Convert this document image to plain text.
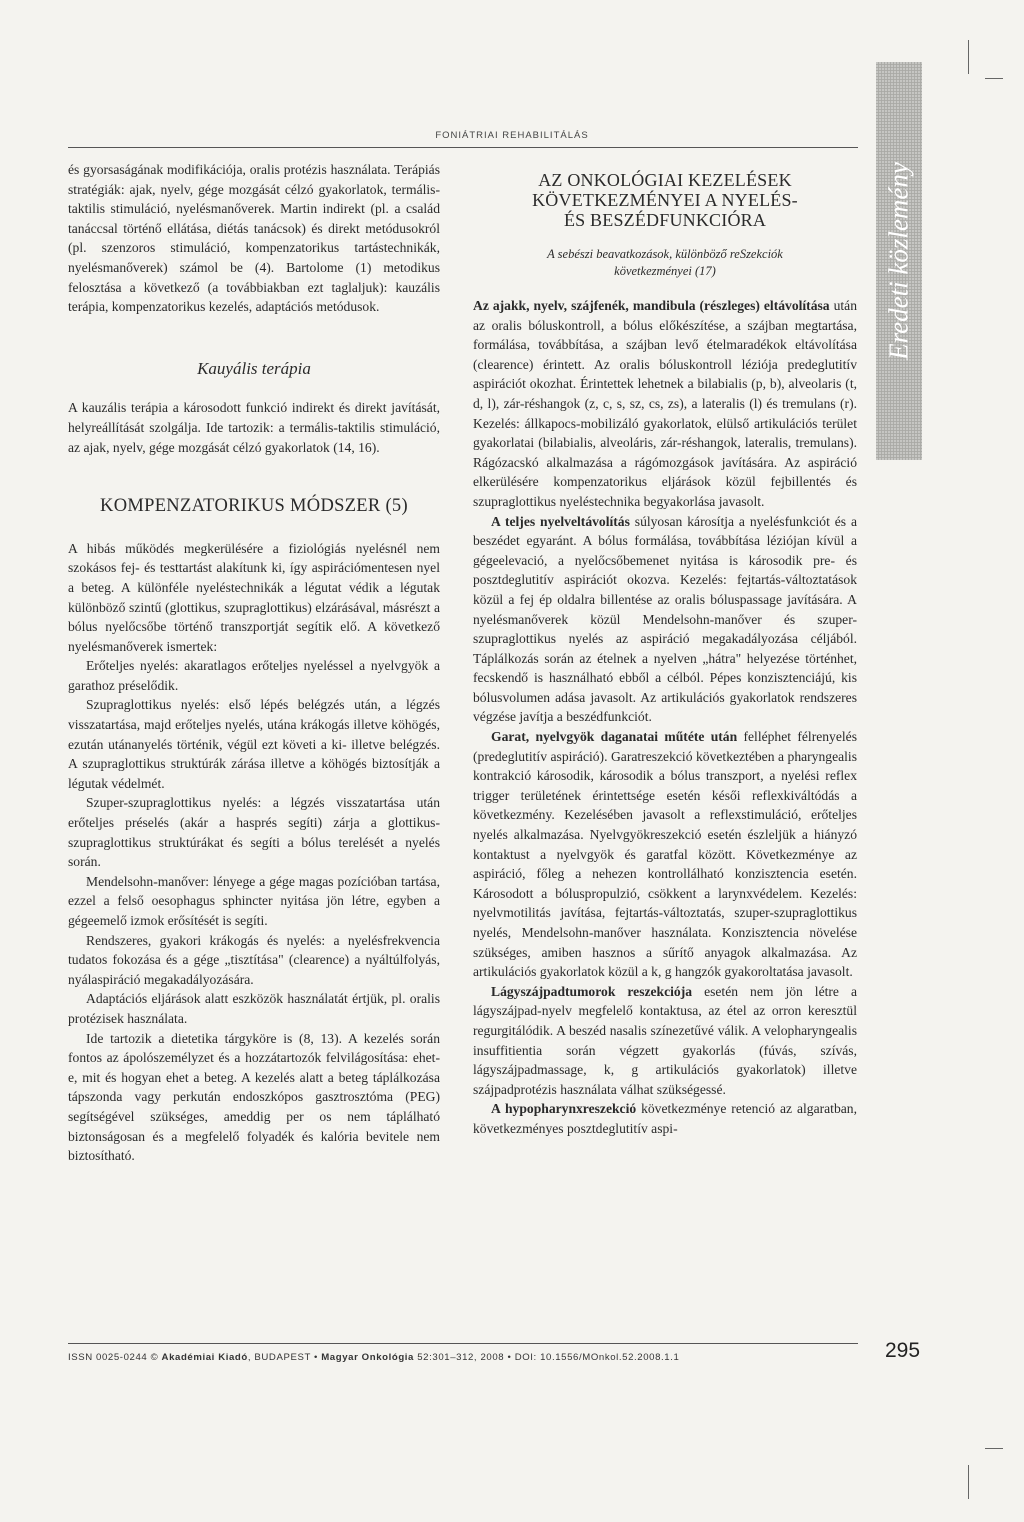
FONIÁTRIAI REHABILITÁLÁS
Eredeti közlemény

és gyorsaságának modifikációja, oralis protézis használata. Terápiás stratégiák: ajak, nyelv, gége mozgását célzó gyakorlatok, termális-taktilis stimuláció, nyelésmanőverek. Martin indirekt (pl. a család tanáccsal történő ellátása, diétás tanácsok) és direkt metódusokról (pl. szenzoros stimuláció, kompenzatorikus tartástechnikák, nyelésmanőverek) számol be (4). Bartolome (1) metodikus felosztása a következő (a továbbiakban ezt taglaljuk): kauzális terápia, kompenzatorikus kezelés, adaptációs metódusok.

Kauyális terápia

A kauzális terápia a károsodott funkció indirekt és direkt javítását, helyreállítását szolgálja. Ide tartozik: a termális-taktilis stimuláció, az ajak, nyelv, gége mozgását célzó gyakorlatok (14, 16).

KOMPENZATORIKUS MÓDSZER (5)

A hibás működés megkerülésére a fiziológiás nyelésnél nem szokásos fej- és testtartást alakítunk ki, így aspirációmentesen nyel a beteg. A különféle nyeléstechnikák a légutat védik a légutak különböző szintű (glottikus, szupraglottikus) elzárásával, másrészt a bólus nyelőcsőbe történő transzportját segítik elő. A következő nyelésmanőverek ismertek:

Erőteljes nyelés: akaratlagos erőteljes nyeléssel a nyelvgyök a garathoz préselődik.

Szupraglottikus nyelés: első lépés belégzés után, a légzés visszatartása, majd erőteljes nyelés, utána krákogás illetve köhögés, ezután utánanyelés történik, végül ezt követi a ki- illetve belégzés. A szupraglottikus struktúrák zárása illetve a köhögés biztosítják a légutak védelmét.

Szuper-szupraglottikus nyelés: a légzés visszatartása után erőteljes préselés (akár a hasprés segíti) zárja a glottikus-szupraglottikus struktúrákat és segíti a bólus terelését a nyelés során.

Mendelsohn-manőver: lényege a gége magas pozícióban tartása, ezzel a felső oesophagus sphincter nyitása jön létre, egyben a gégeemelő izmok erősítését is segíti.

Rendszeres, gyakori krákogás és nyelés: a nyelésfrekvencia tudatos fokozása és a gége „tisztítása" (clearence) a nyáltúlfolyás, nyálaspiráció megakadályozására.

Adaptációs eljárások alatt eszközök használatát értjük, pl. oralis protézisek használata.

Ide tartozik a dietetika tárgyköre is (8, 13). A kezelés során fontos az ápolószemélyzet és a hozzátartozók felvilágosítása: ehet-e, mit és hogyan ehet a beteg. A kezelés alatt a beteg táplálkozása tápszonda vagy perkután endoszkópos gasztrosztóma (PEG) segítségével szükséges, ameddig per os nem táplálható biztonságosan és a megfelelő folyadék és kalória bevitele nem biztosítható.

AZ ONKOLÓGIAI KEZELÉSEK
KÖVETKEZMÉNYEI A NYELÉS-
ÉS BESZÉDFUNKCIÓRA
A sebészi beavatkozások, különböző reSzekciók
következményei (17)

Az ajakk, nyelv, szájfenék, mandibula (részleges) eltávolítása után az oralis bóluskontroll, a bólus előkészítése, a szájban megtartása, formálása, továbbítása, a szájban levő ételmaradékok eltávolítása (clearence) érintett. Az oralis bóluskontroll léziója predeglutitív aspirációt okozhat. Érintettek lehetnek a bilabialis (p, b), alveolaris (t, d, l), zár-réshangok (z, c, s, sz, cs, zs), a lateralis (l) és tremulans (r). Kezelés: állkapocs-mobilizáló gyakorlatok, elülső artikulációs terület gyakorlatai (bilabialis, alveoláris, zár-réshangok, lateralis, tremulans). Rágózacskó alkalmazása a rágómozgások javítására. Az aspiráció elkerülésére kompenzatorikus eljárások közül fejbillentés és szupraglottikus nyeléstechnika begyakorlása javasolt.

A teljes nyelveltávolítás súlyosan károsítja a nyelésfunkciót és a beszédet egyaránt. A bólus formálása, továbbítása léziójan kívül a gégeelevació, a nyelőcsőbemenet nyitása is károsodik pre- és posztdeglutitív aspirációt okozva. Kezelés: fejtartás-változtatások közül a fej ép oldalra billentése az oralis bóluspassage javítására. A nyelésmanőverek közül Mendelsohn-manőver és szuper-szupraglottikus nyelés az aspiráció megakadályozása céljából. Táplálkozás során az ételnek a nyelven „hátra" helyezése történhet, fecskendő is használható ebből a célból. Pépes konzisztenciájú, kis bólusvolumen adása javasolt. Az artikulációs gyakorlatok rendszeres végzése javítja a beszédfunkciót.

Garat, nyelvgyök daganatai műtéte után felléphet félrenyelés (predeglutitív aspiráció). Garatreszekció következtében a pharyngealis kontrakció károsodik, károsodik a bólus transzport, a nyelési reflex trigger területének érintettsége esetén késői reflexkiváltódás a következmény. Kezelésében javasolt a reflexstimuláció, erőteljes nyelés alkalmazása. Nyelvgyökreszekció esetén észleljük a hiányzó kontaktust a nyelvgyök és garatfal között. Következménye az aspiráció, főleg a nehezen kontrollálható konzisztencia esetén. Károsodott a bóluspropulzió, csökkent a larynxvédelem. Kezelés: nyelvmotilitás javítása, fejtartás-változtatás, szuper-szupraglottikus nyelés, Mendelsohn-manőver használata. Konzisztencia növelése szükséges, amiben hasznos a sűrítő anyagok alkalmazása. Az artikulációs gyakorlatok közül a k, g hangzók gyakoroltatása javasolt.

Lágyszájpadtumorok reszekciója esetén nem jön létre a lágyszájpad-nyelv megfelelő kontaktusa, az étel az orron keresztül regurgitálódik. A beszéd nasalis színezetűvé válik. A velopharyngealis insuffitientia során végzett gyakorlás (fúvás, szívás, lágyszájpadmassage, k, g artikulációs gyakorlatok) illetve szájpadprotézis használata válhat szükségessé.

A hypopharynxreszekció következménye retenció az algaratban, következményes posztdeglutitív aspi-

ISSN 0025-0244 © Akadémiai Kiadó, BUDAPEST • Magyar Onkológia 52:301–312, 2008 • DOI: 10.1556/MOnkol.52.2008.1.1	295
